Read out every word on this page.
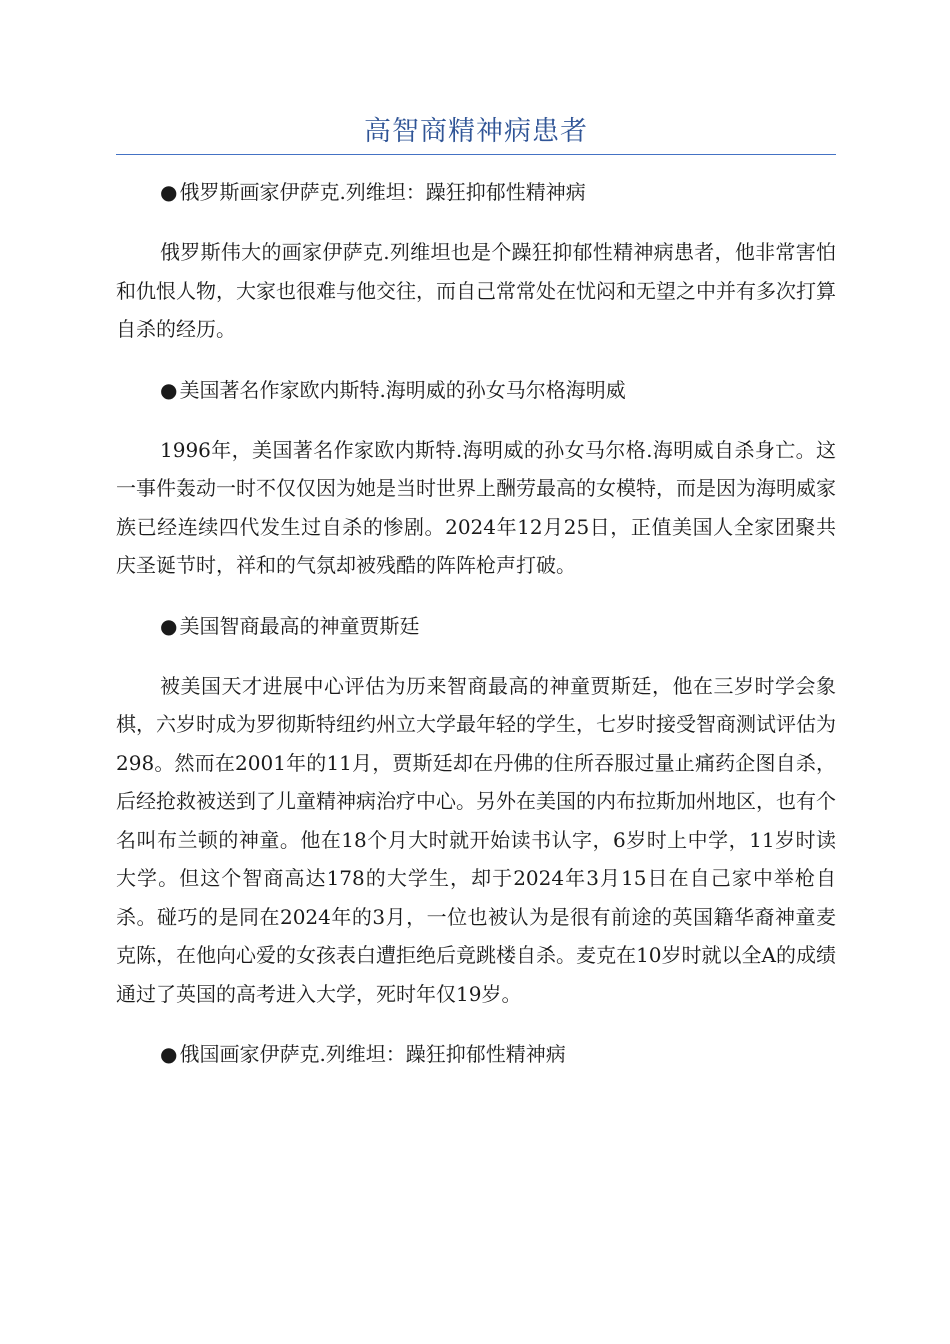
高智商精神病患者
● 俄罗斯画家伊萨克.列维坦：躁狂抑郁性精神病

俄罗斯伟大的画家伊萨克.列维坦也是个躁狂抑郁性精神病患者，他非常害怕和仇恨人物，大家也很难与他交往，而自己常常处在忧闷和无望之中并有多次打算自杀的经历。

● 美国著名作家欧内斯特.海明威的孙女马尔格海明威

1996年，美国著名作家欧内斯特.海明威的孙女马尔格.海明威自杀身亡。这一事件轰动一时不仅仅因为她是当时世界上酬劳最高的女模特，而是因为海明威家族已经连续四代发生过自杀的惨剧。2024年12月25日，正值美国人全家团聚共庆圣诞节时，祥和的气氛却被残酷的阵阵枪声打破。

● 美国智商最高的神童贾斯廷

被美国天才进展中心评估为历来智商最高的神童贾斯廷，他在三岁时学会象棋，六岁时成为罗彻斯特纽约州立大学最年轻的学生，七岁时接受智商测试评估为298。然而在2001年的11月，贾斯廷却在丹佛的住所吞服过量止痛药企图自杀，后经抢救被送到了儿童精神病治疗中心。另外在美国的内布拉斯加州地区，也有个名叫布兰顿的神童。他在18个月大时就开始读书认字，6岁时上中学，11岁时读大学。但这个智商高达178的大学生，却于2024年3月15日在自己家中举枪自杀。碰巧的是同在2024年的3月，一位也被认为是很有前途的英国籍华裔神童麦克陈，在他向心爱的女孩表白遭拒绝后竟跳楼自杀。麦克在10岁时就以全A的成绩通过了英国的高考进入大学，死时年仅19岁。

● 俄国画家伊萨克.列维坦：躁狂抑郁性精神病
